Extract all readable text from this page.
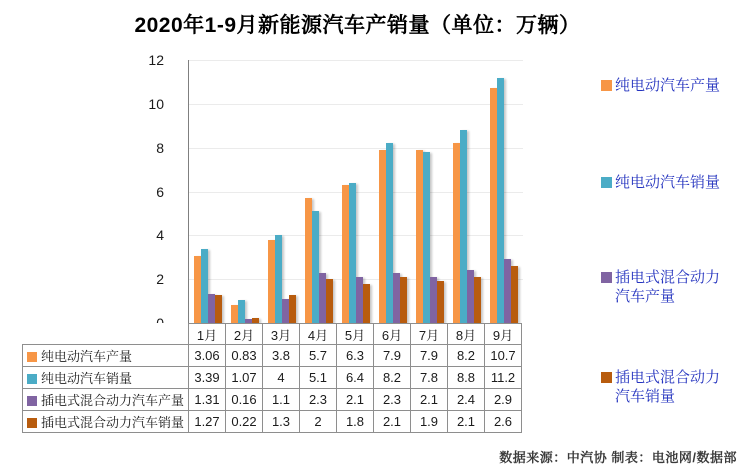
2020年1-9月新能源汽车产销量（单位：万辆）
2
4
6
8
10
12
	1月	2月	3月	4月	5月	6月	7月	8月	9月
纯电动汽车产量	3.06	0.83	3.8	5.7	6.3	7.9	7.9	8.2	10.7
纯电动汽车销量	3.39	1.07	4	5.1	6.4	8.2	7.8	8.8	11.2
插电式混合动力汽车产量	1.31	0.16	1.1	2.3	2.1	2.3	2.1	2.4	2.9
插电式混合动力汽车销量	1.27	0.22	1.3	2	1.8	2.1	1.9	2.1	2.6
纯电动汽车产量
纯电动汽车销量
插电式混合动力汽车产量
插电式混合动力汽车销量
数据来源：中汽协 制表：电池网/数据部
